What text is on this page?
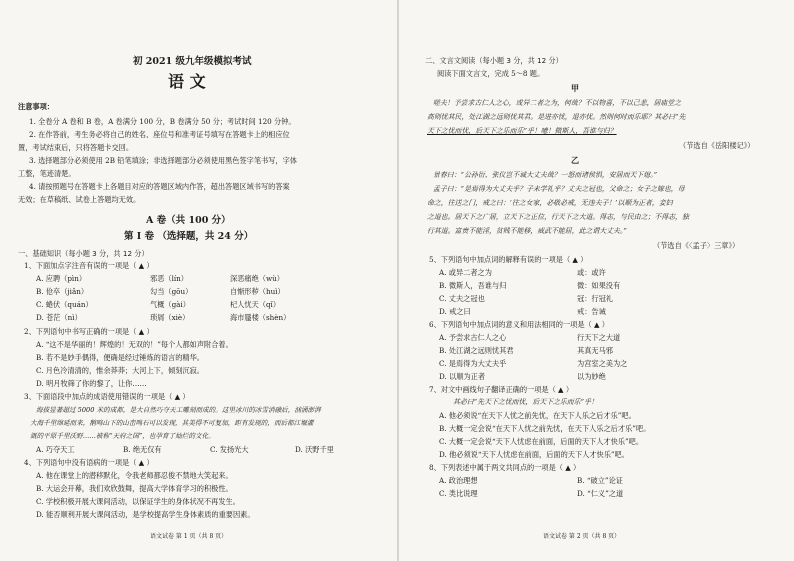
初 2021 级九年级模拟考试
语 文
注意事项：
1. 全卷分 A 卷和 B 卷，A 卷满分 100 分，B 卷满分 50 分；考试时间 120 分钟。
2. 在作答前，考生务必将自己的姓名、座位号和准考证号填写在答题卡上的相应位
置，考试结束后，只将答题卡交回。
3. 选择题部分必须使用 2B 铅笔填涂；非选择题部分必须使用黑色签字笔书写，字体
工整，笔迹清楚。
4. 请按照题号在答题卡上各题目对应的答题区域内作答，超出答题区域书写的答案
无效；在草稿纸、试卷上答题均无效。
A 卷（共 100 分）
第 Ⅰ 卷 （选择题，共 24 分）
一、基础知识（每小题 3 分，共 12 分）
1、下面加点字注音有误的一项是（ ▲ ）
A. 应聘（pìn）	邪恶（lín）	深恶痛绝（wù）
B. 伧卒（jiǎn）	勾当（gōu）	自惭形秽（huì）
C. 蜷伏（quán）	气概（gài）	杞人忧天（qǐ）
D. 苍茫（nì）	琐屑（xiè）	海市蜃楼（shèn）
2、下列语句中书写正确的一项是（ ▲ ）
A. “这不是华丽的！辉煌的！无双的！”每个人都如声附合着。
B. 若不是妙手偶得，便确是经过锤炼的语言的精华。
C. 月色冷清清的，惟余莽莽；大河上下，倾刻沉寂。
D. 明月牧筛了你的黎了，让你……
3、下面语段中加点的成语使用错误的一项是（ ▲ ）
海拔显著超过 5000 米的成都，是大自然巧夺天工雕刻而成的。这里冰川的冰雪消融后，汹涌澎湃
大海千里绵延而来，鹅鸣山下的山峦鸣石可以发现，其美得不可复加，距有发现的，而后都江堰灌
溉的平原千里沃野……被称“天府之国”，也孕育了灿烂的文化。
A. 巧夺天工	B. 绝无仅有	C. 发扬光大	D. 沃野千里
4、下列语句中没有语病的一项是（ ▲ ）
A. 他在课堂上的潜移默化，令我老师都忍俊不禁地大笑起来。
B. 大运会开幕，我们欢欣鼓舞，提高大学体育学习的积极性。
C. 学校积极开展大课间活动，以保证学生的身体状况不再发生。
D. 能否顺利开展大课间活动，是学校提高学生身体素质的重要因素。
语文试卷 第 1 页（共 8 页）
二、文言文阅读（每小题 3 分，共 12 分）
阅读下面文言文，完成 5～8 题。
甲
嗟夫！予尝求古仁人之心，或异二者之为，何哉？不以物喜，不以己悲，居庙堂之
高则忧其民，处江湖之远则忧其君。是进亦忧，退亦忧。然则何时而乐耶？其必曰“先
天下之忧而忧，后天下之乐而乐”乎！噫！微斯人，吾谁与归？
（节选自《岳阳楼记》）
乙
景春曰：“公孙衍、张仪岂不诚大丈夫哉？一怒而诸侯惧，安居而天下熄。”
孟子曰：“是焉得为大丈夫乎？子未学礼乎？丈夫之冠也，父命之；女子之嫁也，母
命之，往送之门，戒之曰：‘往之女家，必敬必戒，无违夫子！’以顺为正者，妾妇
之道也。居天下之广居，立天下之正位，行天下之大道。得志，与民由之；不得志，独
行其道。富贵不能淫，贫贱不能移，威武不能屈，此之谓大丈夫。”
（节选自《〈孟子〉三章》）
5、下列语句中加点词的解释有误的一项是（ ▲ ）
A. 或异二者之为	或：或许
B. 微斯人，吾谁与归	微：如果没有
C. 丈夫之冠也	冠：行冠礼
D. 戒之曰	戒：告诫
6、下列语句中加点词的意义和用法相同的一项是（ ▲ ）
A. 予尝求古仁人之心	行天下之大道
B. 处江湖之远则忧其君	其真无马邪
C. 是焉得为大丈夫乎	为宫室之美为之
D. 以顺为正者	以为妙绝
7、对文中画线句子翻译正确的一项是（ ▲ ）
其必曰“先天下之忧而忧，后天下之乐而乐”乎！
A. 他必须说“在天下人忧之前先忧，在天下人乐之后才乐”吧。
B. 大概一定会说“在天下人忧之前先忧，在天下人乐之后才乐”吧。
C. 大概一定会说“天下人忧虑在前面，后面的天下人才快乐”吧。
D. 他必须说“天下人忧虑在前面，后面的天下人才快乐”吧。
8、下列表述中属于两文共同点的一项是（ ▲ ）
A. 政治理想	B. “破立”论证
C. 类比说理	D. “仁义”之道
语文试卷 第 2 页（共 8 页）
